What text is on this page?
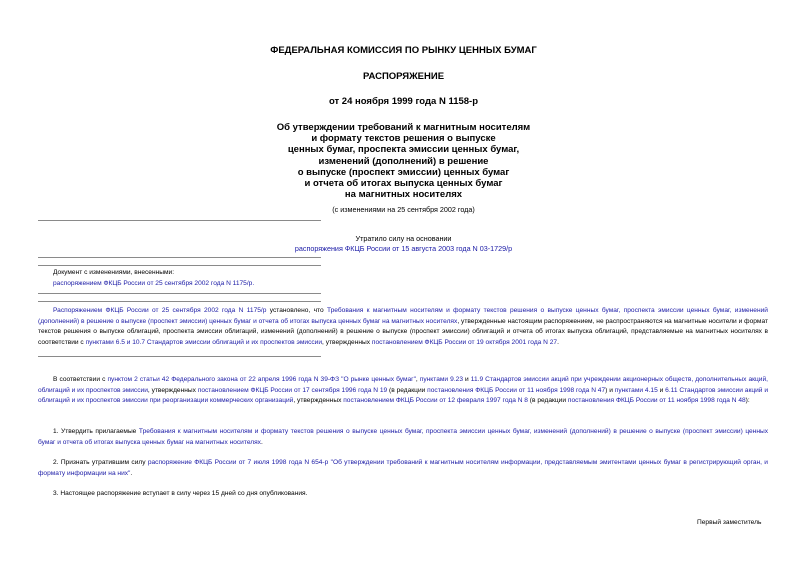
ФЕДЕРАЛЬНАЯ КОМИССИЯ ПО РЫНКУ ЦЕННЫХ БУМАГ
РАСПОРЯЖЕНИЕ
от 24 ноября 1999 года N 1158-р
Об утверждении требований к магнитным носителям
и формату текстов решения о выпуске
ценных бумаг, проспекта эмиссии ценных бумаг,
изменений (дополнений) в решение
о выпуске (проспект эмиссии) ценных бумаг
и отчета об итогах выпуска ценных бумаг
на магнитных носителях
(с изменениями на 25 сентября 2002 года)
Утратило силу на основании
распоряжения ФКЦБ России от 15 августа 2003 года N 03-1729/р
Документ с изменениями, внесенными:
распоряжением ФКЦБ России от 25 сентября 2002 года N 1175/р.
Распоряжением ФКЦБ России от 25 сентября 2002 года N 1175/р установлено, что Требования к магнитным носителям и формату текстов решения о выпуске ценных бумаг, проспекта эмиссии ценных бумаг, изменений (дополнений) в решение о выпуске (проспект эмиссии) ценных бумаг и отчета об итогах выпуска ценных бумаг на магнитных носителях, утвержденные настоящим распоряжением, не распространяются на магнитные носители и формат текстов решения о выпуске облигаций, проспекта эмиссии облигаций, изменений (дополнений) в решение о выпуске (проспект эмиссии) облигаций и отчета об итогах выпуска облигаций, представляемые на магнитных носителях в соответствии с пунктами 6.5 и 10.7 Стандартов эмиссии облигаций и их проспектов эмиссии, утвержденных постановлением ФКЦБ России от 19 октября 2001 года N 27.
В соответствии с пунктом 2 статьи 42 Федерального закона от 22 апреля 1996 года N 39-ФЗ "О рынке ценных бумаг", пунктами 9.23 и 11.9 Стандартов эмиссии акций при учреждении акционерных обществ, дополнительных акций, облигаций и их проспектов эмиссии, утвержденных постановлением ФКЦБ России от 17 сентября 1996 года N 19 (в редакции постановления ФКЦБ России от 11 ноября 1998 года N 47) и пунктами 4.15 и 6.11 Стандартов эмиссии акций и облигаций и их проспектов эмиссии при реорганизации коммерческих организаций, утвержденных постановлением ФКЦБ России от 12 февраля 1997 года N 8 (в редакции постановления ФКЦБ России от 11 ноября 1998 года N 48):
1. Утвердить прилагаемые Требования к магнитным носителям и формату текстов решения о выпуске ценных бумаг, проспекта эмиссии ценных бумаг, изменений (дополнений) в решение о выпуске (проспект эмиссии) ценных бумаг и отчета об итогах выпуска ценных бумаг на магнитных носителях.
2. Признать утратившим силу распоряжение ФКЦБ России от 7 июля 1998 года N 654-р "Об утверждении требований к магнитным носителям информации, представляемым эмитентами ценных бумаг в регистрирующий орган, и формату информации на них".
3. Настоящее распоряжение вступает в силу через 15 дней со дня опубликования.
Первый заместитель
